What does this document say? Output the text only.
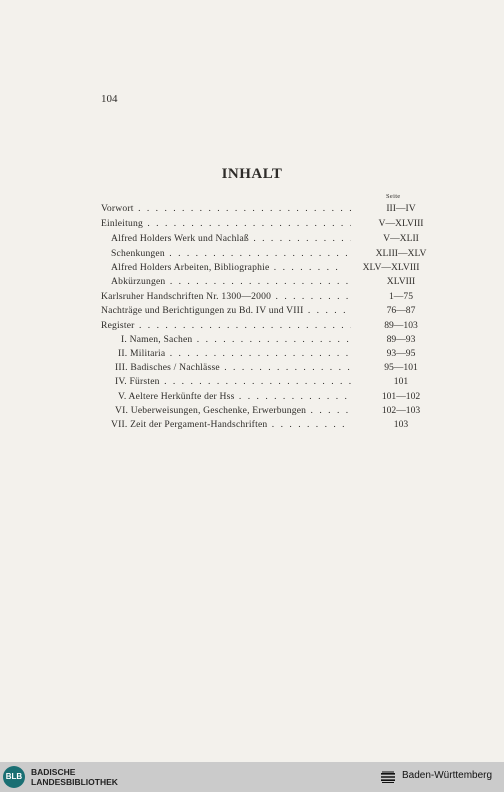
104
INHALT
Seite
Vorwort . . .	III—IV
Einleitung . . .	V—XLVIII
Alfred Holders Werk und Nachlaß . . .	V—XLII
Schenkungen . . .	XLIII—XLV
Alfred Holders Arbeiten, Bibliographie . . .	XLV—XLVIII
Abkürzungen . . .	XLVIII
Karlsruher Handschriften Nr. 1300—2000 . . .	1—75
Nachträge und Berichtigungen zu Bd. IV und VIII . . .	76—87
Register . . .	89—103
I. Namen, Sachen . . .	89—93
II. Militaria . . .	93—95
III. Badisches / Nachlässe . . .	95—101
IV. Fürsten . . .	101
V. Aeltere Herkünfte der Hss . . .	101—102
VI. Ueberweisungen, Geschenke, Erwerbungen . . .	102—103
VII. Zeit der Pergament-Handschriften . . .	103
BLB	BADISCHE
LANDESBIBLIOTHEK
Baden-Württemberg
